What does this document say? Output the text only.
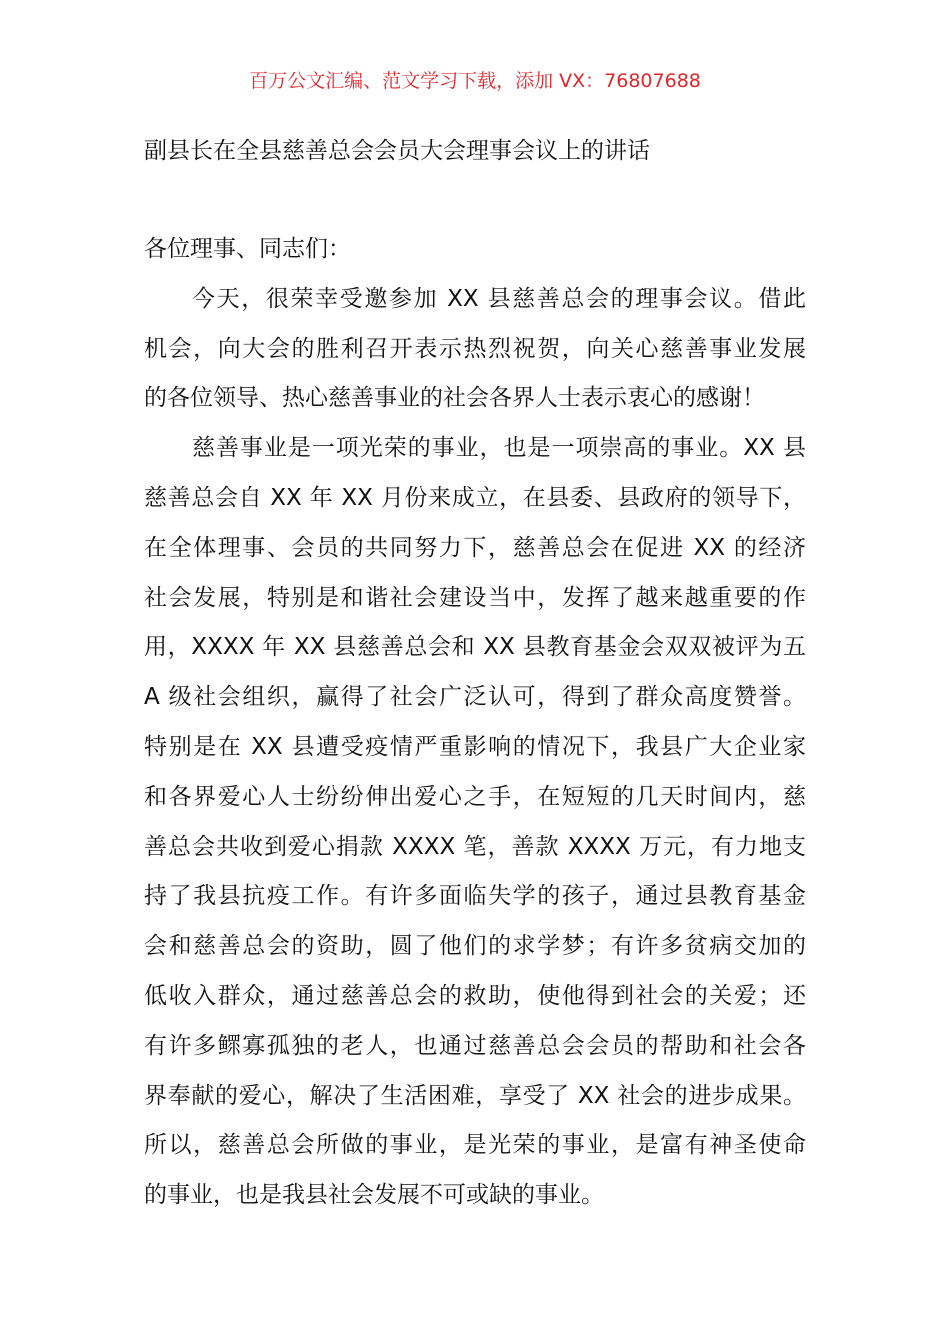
百万公文汇编、范文学习下载，添加 VX：76807688
副县长在全县慈善总会会员大会理事会议上的讲话
各位理事、同志们：
今天，很荣幸受邀参加 XX 县慈善总会的理事会议。借此
机会，向大会的胜利召开表示热烈祝贺，向关心慈善事业发展
的各位领导、热心慈善事业的社会各界人士表示衷心的感谢！
慈善事业是一项光荣的事业，也是一项崇高的事业。XX 县
慈善总会自 XX 年 XX 月份来成立，在县委、县政府的领导下，
在全体理事、会员的共同努力下，慈善总会在促进 XX 的经济
社会发展，特别是和谐社会建设当中，发挥了越来越重要的作
用，XXXX 年 XX 县慈善总会和 XX 县教育基金会双双被评为五
A 级社会组织，赢得了社会广泛认可，得到了群众高度赞誉。
特别是在 XX 县遭受疫情严重影响的情况下，我县广大企业家
和各界爱心人士纷纷伸出爱心之手，在短短的几天时间内，慈
善总会共收到爱心捐款 XXXX 笔，善款 XXXX 万元，有力地支
持了我县抗疫工作。有许多面临失学的孩子，通过县教育基金
会和慈善总会的资助，圆了他们的求学梦；有许多贫病交加的
低收入群众，通过慈善总会的救助，使他得到社会的关爱；还
有许多鳏寡孤独的老人，也通过慈善总会会员的帮助和社会各
界奉献的爱心，解决了生活困难，享受了 XX 社会的进步成果。
所以，慈善总会所做的事业，是光荣的事业，是富有神圣使命
的事业，也是我县社会发展不可或缺的事业。
